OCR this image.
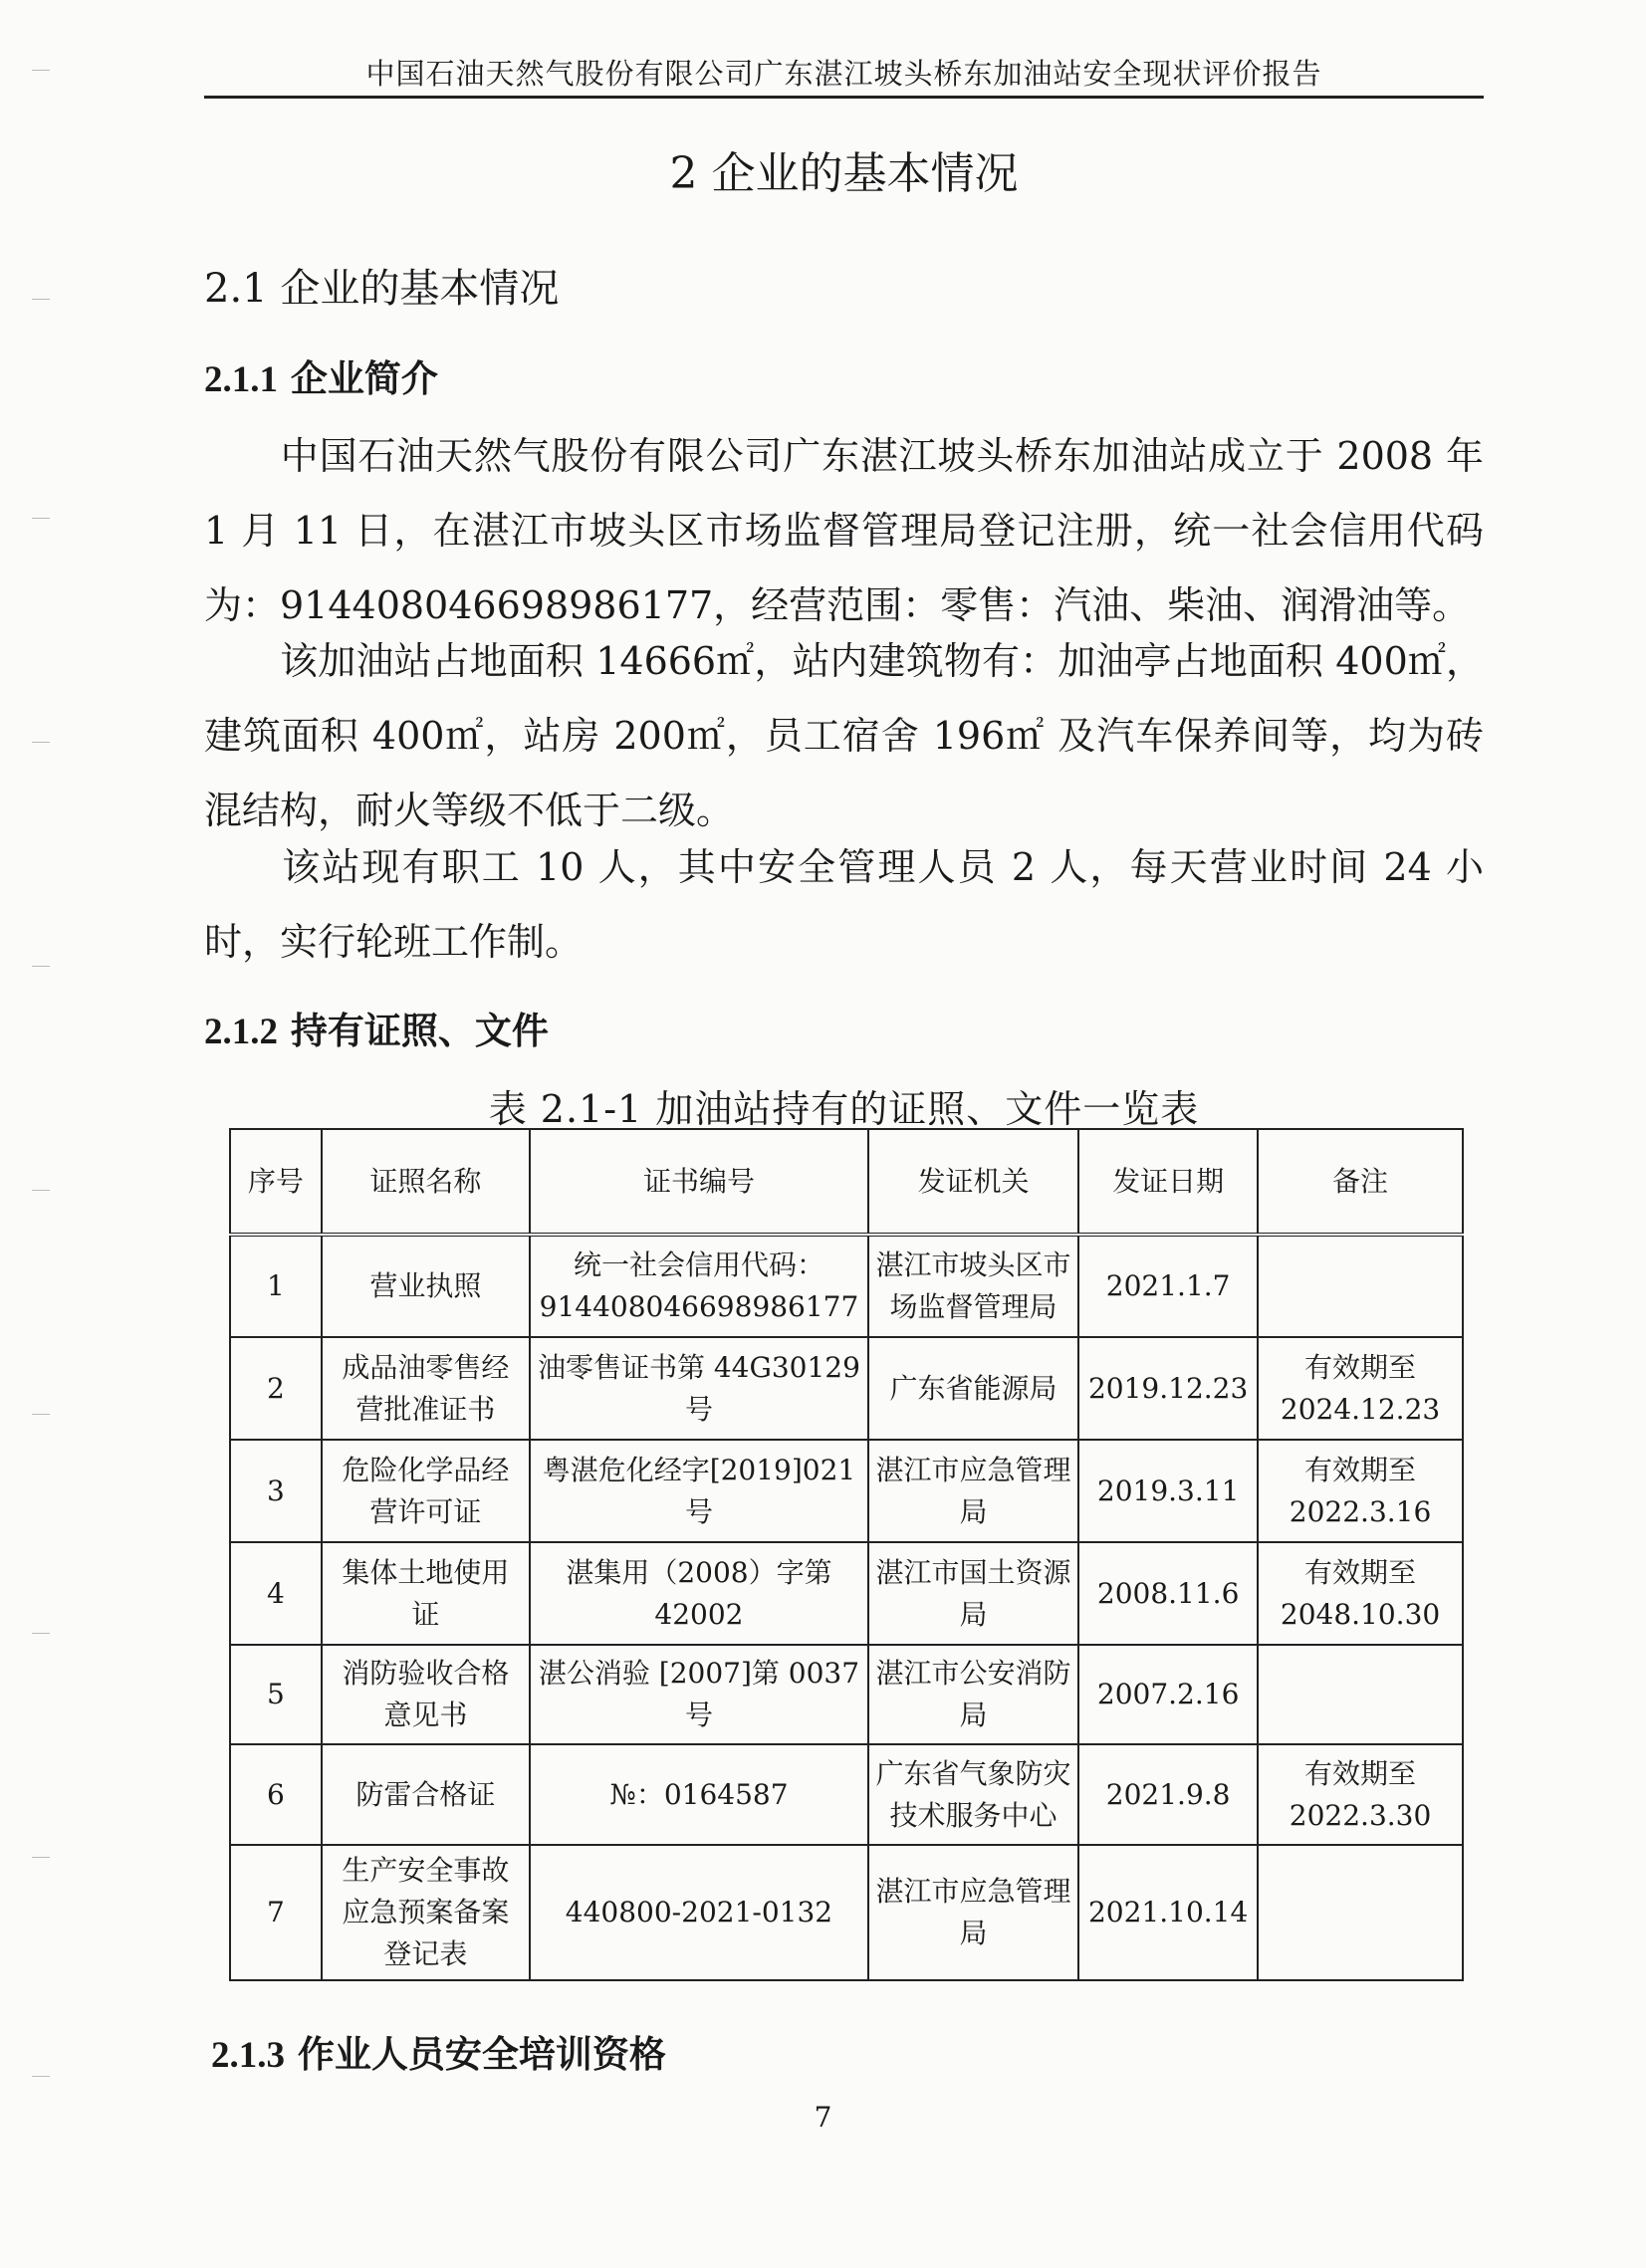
中国石油天然气股份有限公司广东湛江坡头桥东加油站安全现状评价报告
2 企业的基本情况
2.1 企业的基本情况
2.1.1 企业简介
中国石油天然气股份有限公司广东湛江坡头桥东加油站成立于 2008 年 1 月 11 日，在湛江市坡头区市场监督管理局登记注册，统一社会信用代码为：914408046698986177，经营范围：零售：汽油、柴油、润滑油等。
该加油站占地面积 14666㎡，站内建筑物有：加油亭占地面积 400㎡，建筑面积 400㎡，站房 200㎡，员工宿舍 196㎡ 及汽车保养间等，均为砖混结构，耐火等级不低于二级。
该站现有职工 10 人，其中安全管理人员 2 人，每天营业时间 24 小时，实行轮班工作制。
2.1.2 持有证照、文件
表 2.1-1 加油站持有的证照、文件一览表
序号	证照名称	证书编号	发证机关	发证日期	备注
1	营业执照	统一社会信用代码：914408046698986177	湛江市坡头区市场监督管理局	2021.1.7	
2	成品油零售经营批准证书	油零售证书第 44G30129 号	广东省能源局	2019.12.23	有效期至 2024.12.23
3	危险化学品经营许可证	粤湛危化经字[2019]021 号	湛江市应急管理局	2019.3.11	有效期至 2022.3.16
4	集体土地使用证	湛集用（2008）字第 42002	湛江市国土资源局	2008.11.6	有效期至 2048.10.30
5	消防验收合格意见书	湛公消验 [2007]第 0037 号	湛江市公安消防局	2007.2.16	
6	防雷合格证	№：0164587	广东省气象防灾技术服务中心	2021.9.8	有效期至 2022.3.30
7	生产安全事故应急预案备案登记表	440800-2021-0132	湛江市应急管理局	2021.10.14	
2.1.3 作业人员安全培训资格
7
